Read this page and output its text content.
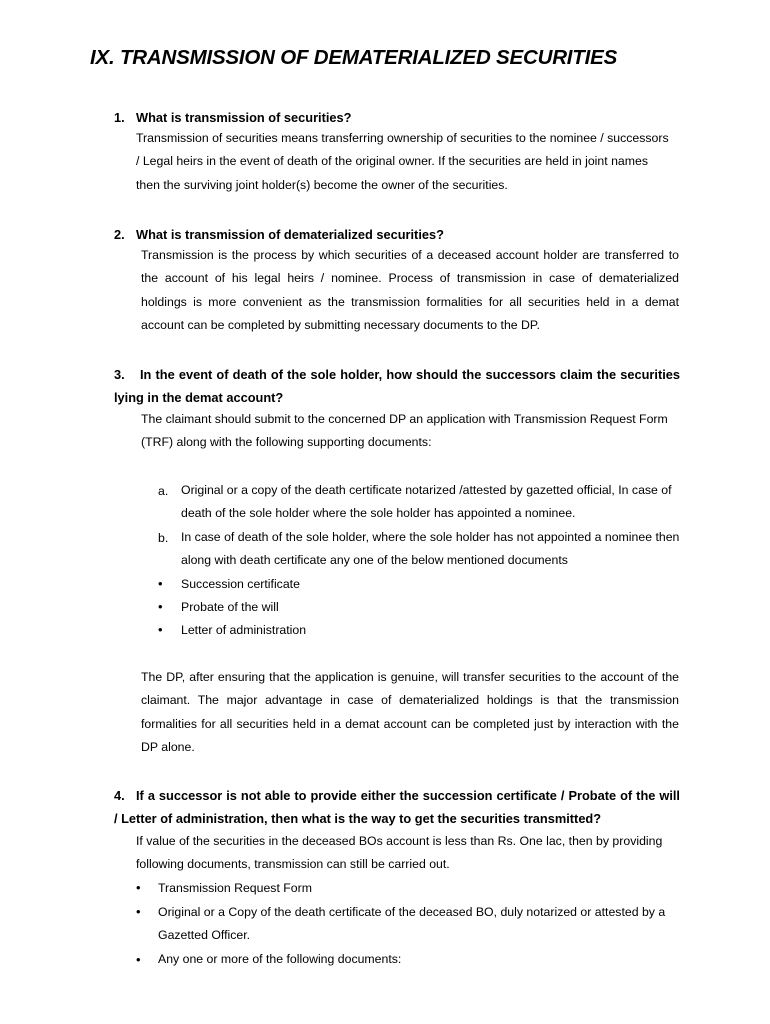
IX. TRANSMISSION OF DEMATERIALIZED SECURITIES
1. What is transmission of securities?
Transmission of securities means transferring ownership of securities to the nominee / successors
/ Legal heirs in the event of death of the original owner. If the securities are held in joint names
then the surviving joint holder(s) become the owner of the securities.
2. What is transmission of dematerialized securities?
Transmission is the process by which securities of a deceased account holder are transferred to the account of his legal heirs / nominee. Process of transmission in case of dematerialized holdings is more convenient as the transmission formalities for all securities held in a demat account can be completed by submitting necessary documents to the DP.
3. In the event of death of the sole holder, how should the successors claim the securities lying in the demat account?
The claimant should submit to the concerned DP an application with Transmission Request Form (TRF) along with the following supporting documents:
a. Original or a copy of the death certificate notarized /attested by gazetted official, In case of death of the sole holder where the sole holder has appointed a nominee.
b. In case of death of the sole holder, where the sole holder has not appointed a nominee then along with death certificate any one of the below mentioned documents
• Succession certificate
• Probate of the will
• Letter of administration
The DP, after ensuring that the application is genuine, will transfer securities to the account of the claimant. The major advantage in case of dematerialized holdings is that the transmission formalities for all securities held in a demat account can be completed just by interaction with the DP alone.
4. If a successor is not able to provide either the succession certificate / Probate of the will / Letter of administration, then what is the way to get the securities transmitted?
If value of the securities in the deceased BOs account is less than Rs. One lac, then by providing following documents, transmission can still be carried out.
• Transmission Request Form
• Original or a Copy of the death certificate of the deceased BO, duly notarized or attested by a Gazetted Officer.
• Any one or more of the following documents:
